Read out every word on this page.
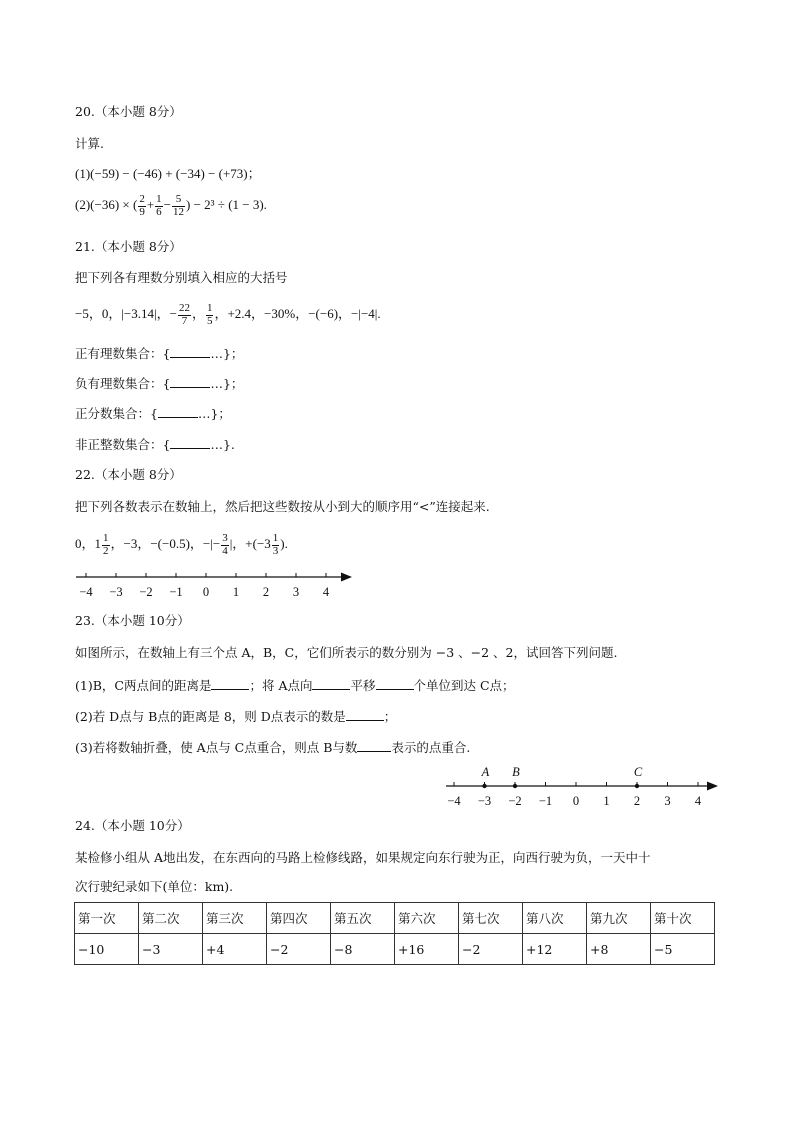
20.（本小题 8分）
计算.
(1)(−59) − (−46) + (−34) − (+73)；
(2)(−36) × ( $\frac{2}{9} + \frac{1}{6} - \frac{5}{12}$ ) − 2³ ÷ (1 − 3).
21.（本小题 8分）
把下列各有理数分别填入相应的大括号
−5，0，|−3.14|，− $\frac{22}{7}$ ， $\frac{1}{5}$ ，+2.4，−30%，−(−6)，−|−4|.
正有理数集合：{	…}；
负有理数集合：{	…}；
正分数集合：{	…}；
非正整数集合：{	…}.
22.（本小题 8分）
把下列各数表示在数轴上，然后把这些数按从小到大的顺序用“<”连接起来.
0，$1 \frac{1}{2}$ ，−3，−(−0.5)，−|− $\frac{3}{4}$ |，$+(-3 \frac{1}{3}$ ).
−4 −3 −2 −1 0 1 2 3 4
23.（本小题 10分）
如图所示，在数轴上有三个点 A，B，C，它们所表示的数分别为 −3 、−2 、2，试回答下列问题.
(1)B，C两点间的距离是	；将 A点向	平移	个单位到达 C点；
(2)若 D点与 B点的距离是 8，则 D点表示的数是	；
(3)若将数轴折叠，使 A点与 C点重合，则点 B与数	表示的点重合.
−4 −3 −2 −1 0 1 2 3 4
A B	C
24.（本小题 10分）
某检修小组从 A地出发，在东西向的马路上检修线路，如果规定向东行驶为正，向西行驶为负，一天中十
次行驶纪录如下(单位：km).
第一次	第二次	第三次	第四次	第五次	第六次	第七次	第八次	第九次	第十次
−10	−3	+4	−2	−8	+16	−2	+12	+8	−5
